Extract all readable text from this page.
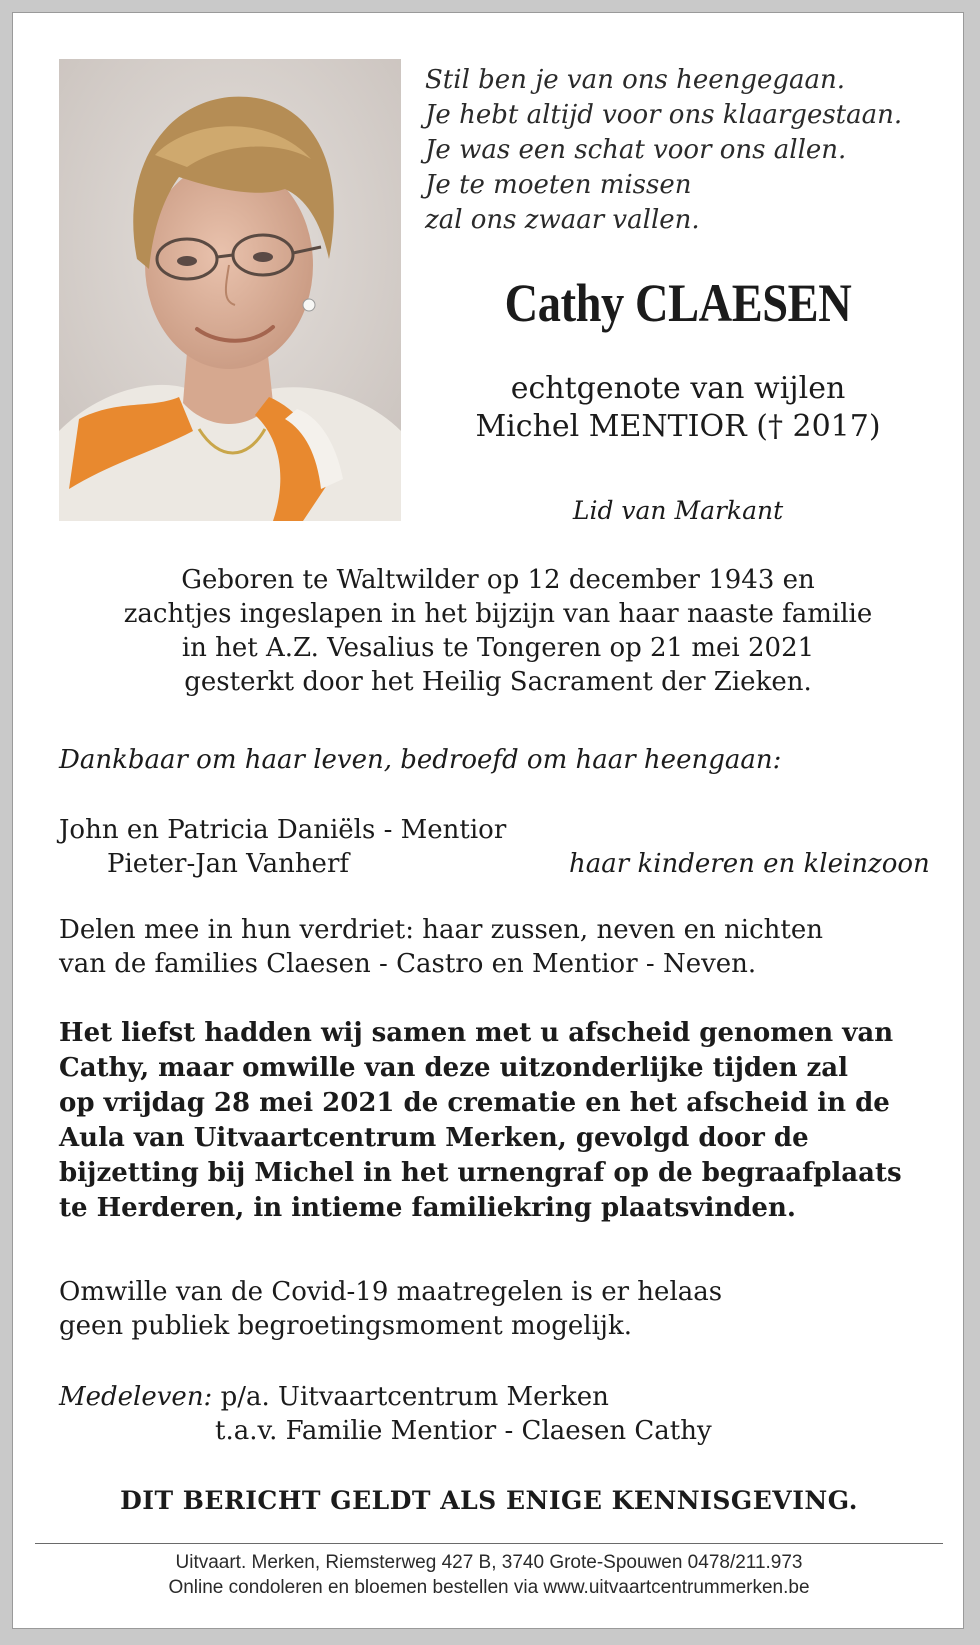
Stil ben je van ons heengegaan.
Je hebt altijd voor ons klaargestaan.
Je was een schat voor ons allen.
Je te moeten missen
zal ons zwaar vallen.
Cathy CLAESEN
echtgenote van wijlen
Michel MENTIOR († 2017)
Lid van Markant
Geboren te Waltwilder op 12 december 1943 en
zachtjes ingeslapen in het bijzijn van haar naaste familie
in het A.Z. Vesalius te Tongeren op 21 mei 2021
gesterkt door het Heilig Sacrament der Zieken.
Dankbaar om haar leven, bedroefd om haar heengaan:
John en Patricia Daniëls - Mentior
Pieter-Jan Vanherf	haar kinderen en kleinzoon
Delen mee in hun verdriet: haar zussen, neven en nichten
van de families Claesen - Castro en Mentior - Neven.
Het liefst hadden wij samen met u afscheid genomen van
Cathy, maar omwille van deze uitzonderlijke tijden zal
op vrijdag 28 mei 2021 de crematie en het afscheid in de
Aula van Uitvaartcentrum Merken, gevolgd door de
bijzetting bij Michel in het urnengraf op de begraafplaats
te Herderen, in intieme familiekring plaatsvinden.
Omwille van de Covid-19 maatregelen is er helaas
geen publiek begroetingsmoment mogelijk.
Medeleven: p/a. Uitvaartcentrum Merken
t.a.v. Familie Mentior - Claesen Cathy
DIT BERICHT GELDT ALS ENIGE KENNISGEVING.
Uitvaart. Merken, Riemsterweg 427 B, 3740 Grote-Spouwen 0478/211.973
Online condoleren en bloemen bestellen via www.uitvaartcentrummerken.be
